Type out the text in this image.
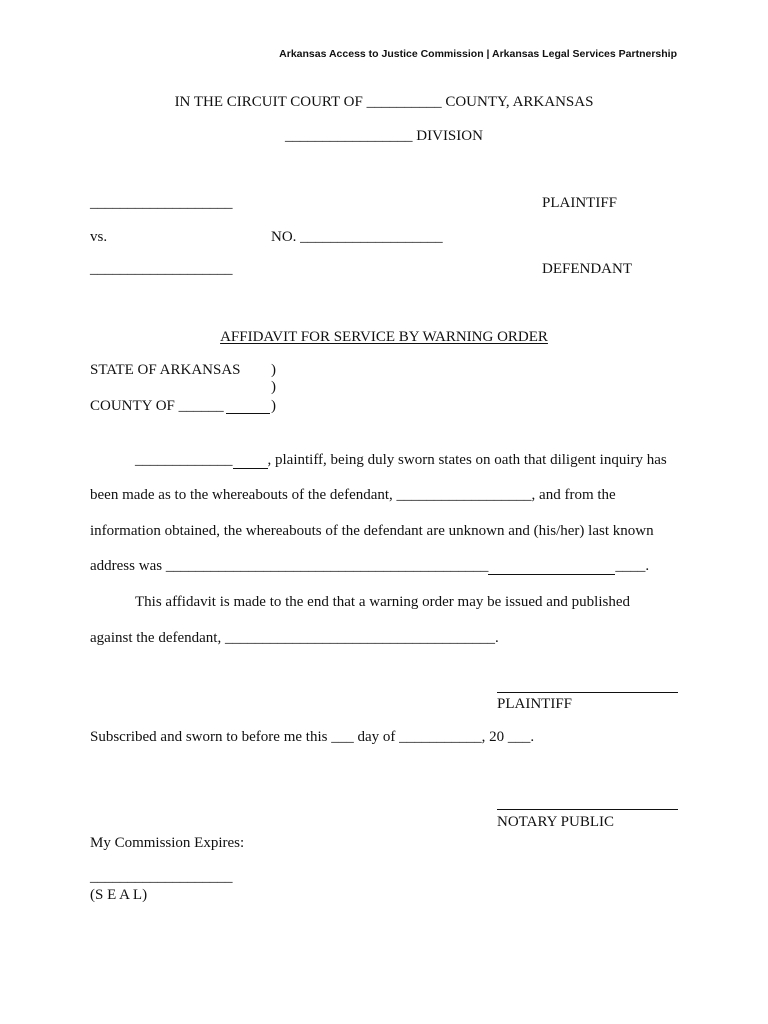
Arkansas Access to Justice Commission | Arkansas Legal Services Partnership
IN THE CIRCUIT COURT OF __________ COUNTY, ARKANSAS
_________________ DIVISION
___________________	PLAINTIFF
vs.	NO. ___________________
___________________	DEFENDANT
AFFIDAVIT FOR SERVICE BY WARNING ORDER
STATE OF ARKANSAS )
)
COUNTY OF ______	)
_____________ , plaintiff, being duly sworn states on oath that diligent inquiry has
been made as to the whereabouts of the defendant, __________________, and from the
information obtained, the whereabouts of the defendant are unknown and (his/her) last known
address was ___________________________________________	____.
This affidavit is made to the end that a warning order may be issued and published
against the defendant, ____________________________________.
PLAINTIFF
Subscribed and sworn to before me this ___ day of ___________, 20 ___.
NOTARY PUBLIC
My Commission Expires:
___________________
(S E A L)
